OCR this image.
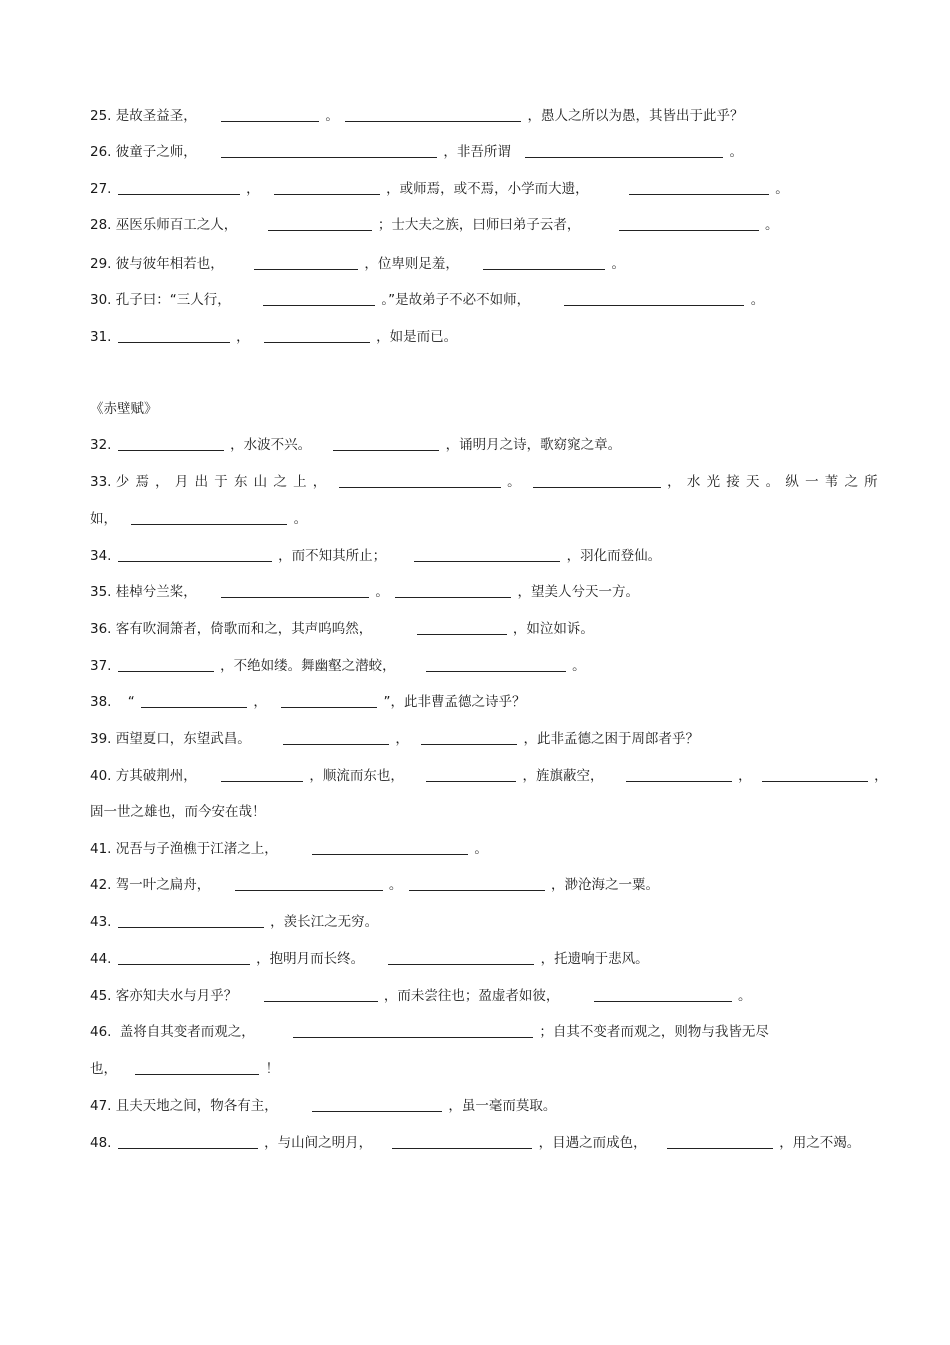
25. 是故圣益圣，	。	，愚人之所以为愚，其皆出于此乎？
26. 彼童子之师，	，非吾所谓	。
27.	，	，或师焉，或不焉，小学而大遗，	。
28. 巫医乐师百工之人，	；士大夫之族，曰师曰弟子云者，	。
29. 彼与彼年相若也，	，位卑则足羞，	。
30. 孔子曰：“三人行，	。”是故弟子不必不如师，	。
31.	，	，如是而已。
《赤壁赋》
32.	，水波不兴。	，诵明月之诗，歌窈窕之章。
33. 少焉，月出于东山之上，	。	，水光接天。纵一苇之所
如，	。
34.	，而不知其所止；	，羽化而登仙。
35. 桂棹兮兰桨，	。	，望美人兮天一方。
36. 客有吹洞箫者，倚歌而和之，其声呜呜然，	，如泣如诉。
37.	，不绝如缕。舞幽壑之潜蛟，	。
38. “	，	”，此非曹孟德之诗乎？
39. 西望夏口，东望武昌。	，	，此非孟德之困于周郎者乎？
40. 方其破荆州，	，顺流而东也，	，旌旗蔽空，	，	，
固一世之雄也，而今安在哉！
41. 况吾与子渔樵于江渚之上，	。
42. 驾一叶之扁舟，	。	，渺沧海之一粟。
43.	，羡长江之无穷。
44.	，抱明月而长终。	，托遗响于悲风。
45. 客亦知夫水与月乎？	，而未尝往也；盈虚者如彼，	。
46. 盖将自其变者而观之，	；自其不变者而观之，则物与我皆无尽
也，	！
47. 且夫天地之间，物各有主，	，虽一毫而莫取。
48.	，与山间之明月，	，目遇之而成色，	，用之不竭。
